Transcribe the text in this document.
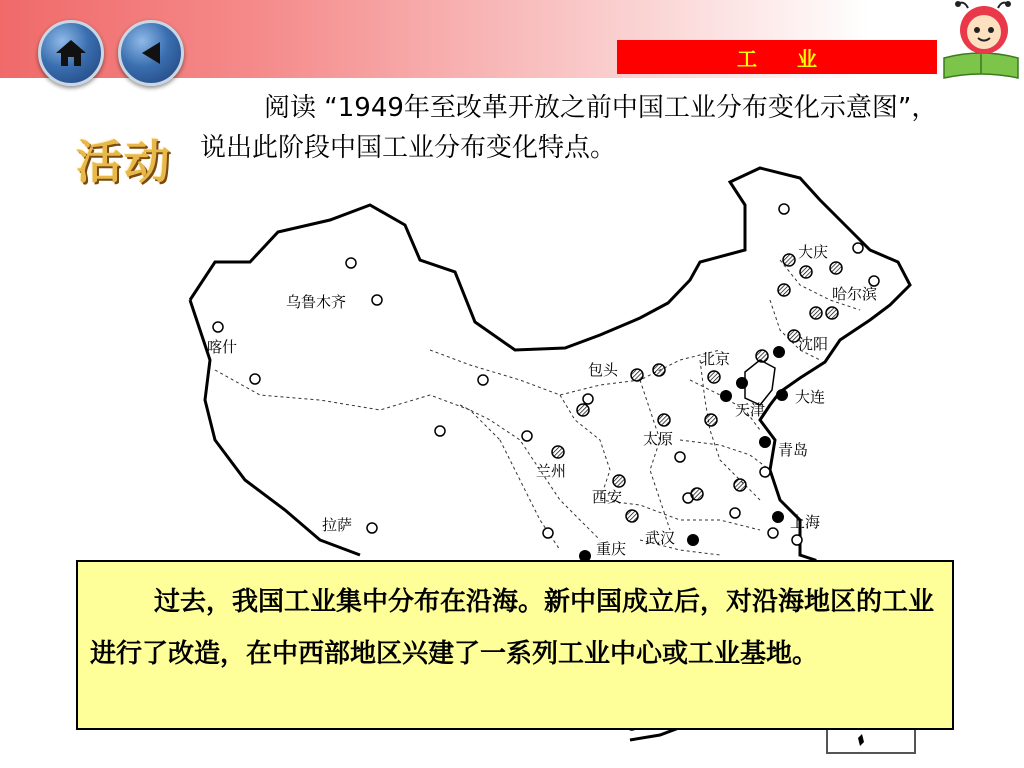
工　　业
活动
阅读 “1949年至改革开放之前中国工业分布变化示意图”，说出此阶段中国工业分布变化特点。
大庆
哈尔滨
沈阳
北京
天津
大连
青岛
上海
武汉
重庆
西安
太原
兰州
包头
乌鲁木齐
喀什
拉萨
过去，我国工业集中分布在沿海。新中国成立后，对沿海地区的工业进行了改造，在中西部地区兴建了一系列工业中心或工业基地。
